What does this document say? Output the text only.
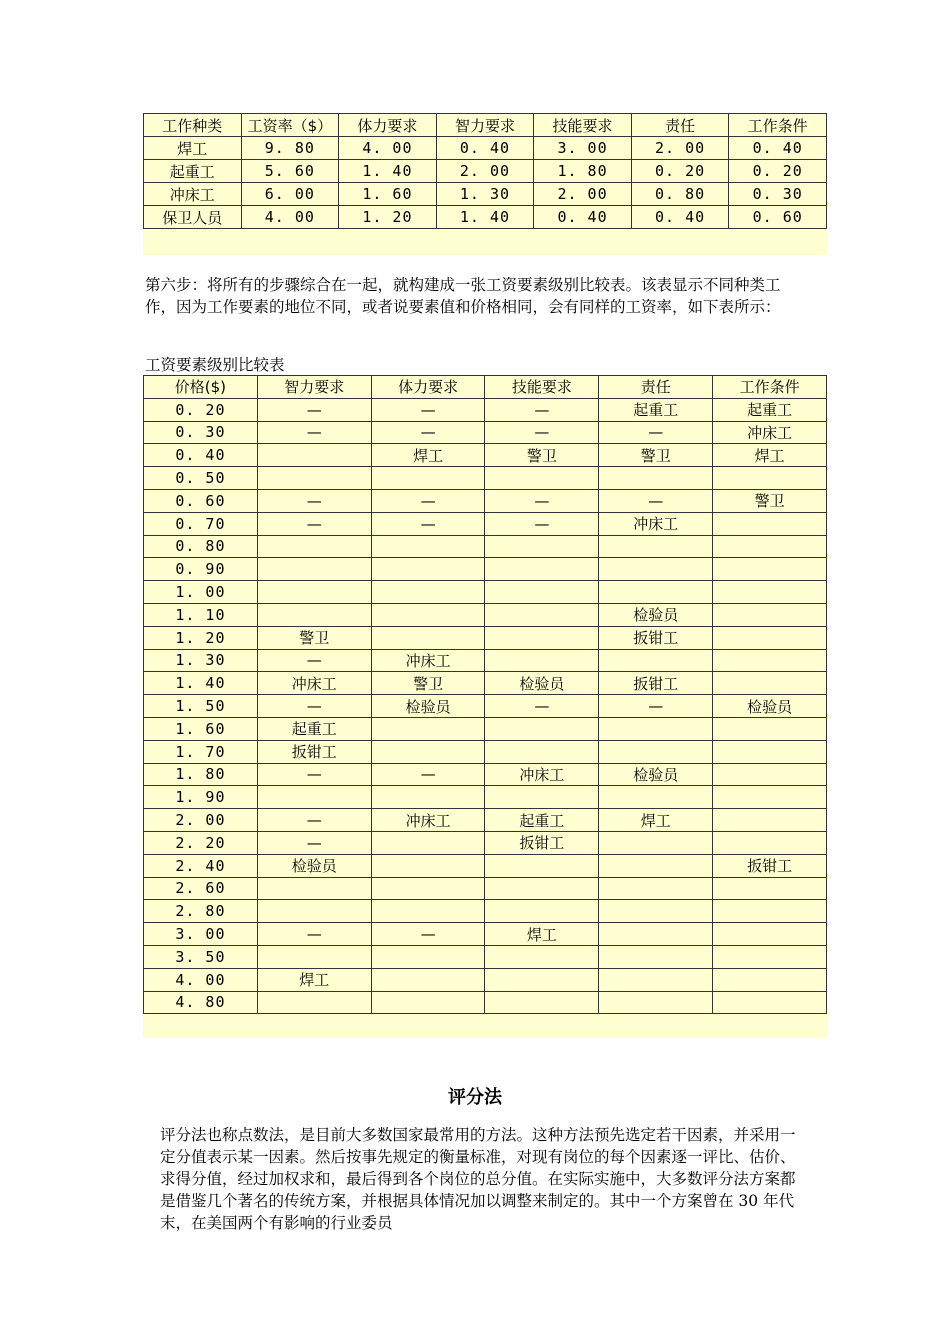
工作种类	工资率（$）	体力要求	智力要求	技能要求	责任	工作条件
焊工	9. 80	4. 00	0. 40	3. 00	2. 00	0. 40
起重工	5. 60	1. 40	2. 00	1. 80	0. 20	0. 20
冲床工	6. 00	1. 60	1. 30	2. 00	0. 80	0. 30
保卫人员	4. 00	1. 20	1. 40	0. 40	0. 40	0. 60

第六步：将所有的步骤综合在一起，就构建成一张工资要素级别比较表。该表显示不同种类工作，因为工作要素的地位不同，或者说要素值和价格相同，会有同样的工资率，如下表所示：

工资要素级别比较表

价格($)	智力要求	体力要求	技能要求	责任	工作条件
0. 20	—	—	—	起重工	起重工
0. 30	—	—	—	—	冲床工
0. 40		焊工	警卫	警卫	焊工
0. 50					
0. 60	—	—	—	—	警卫
0. 70	—	—	—	冲床工	
0. 80					
0. 90					
1. 00					
1. 10				检验员	
1. 20	警卫			扳钳工	
1. 30	—	冲床工			
1. 40	冲床工	警卫	检验员	扳钳工	
1. 50	—	检验员	—	—	检验员
1. 60	起重工				
1. 70	扳钳工				
1. 80	—	—	冲床工	检验员	
1. 90					
2. 00	—	冲床工	起重工	焊工	
2. 20	—		扳钳工		
2. 40	检验员				扳钳工
2. 60					
2. 80					
3. 00	—	—	焊工		
3. 50					
4. 00	焊工				
4. 80					
评分法

评分法也称点数法，是目前大多数国家最常用的方法。这种方法预先选定若干因素，并采用一定分值表示某一因素。然后按事先规定的衡量标准，对现有岗位的每个因素逐一评比、估价、求得分值，经过加权求和，最后得到各个岗位的总分值。在实际实施中，大多数评分法方案都是借鉴几个著名的传统方案，并根据具体情况加以调整来制定的。其中一个方案曾在 30 年代末，在美国两个有影响的行业委员
